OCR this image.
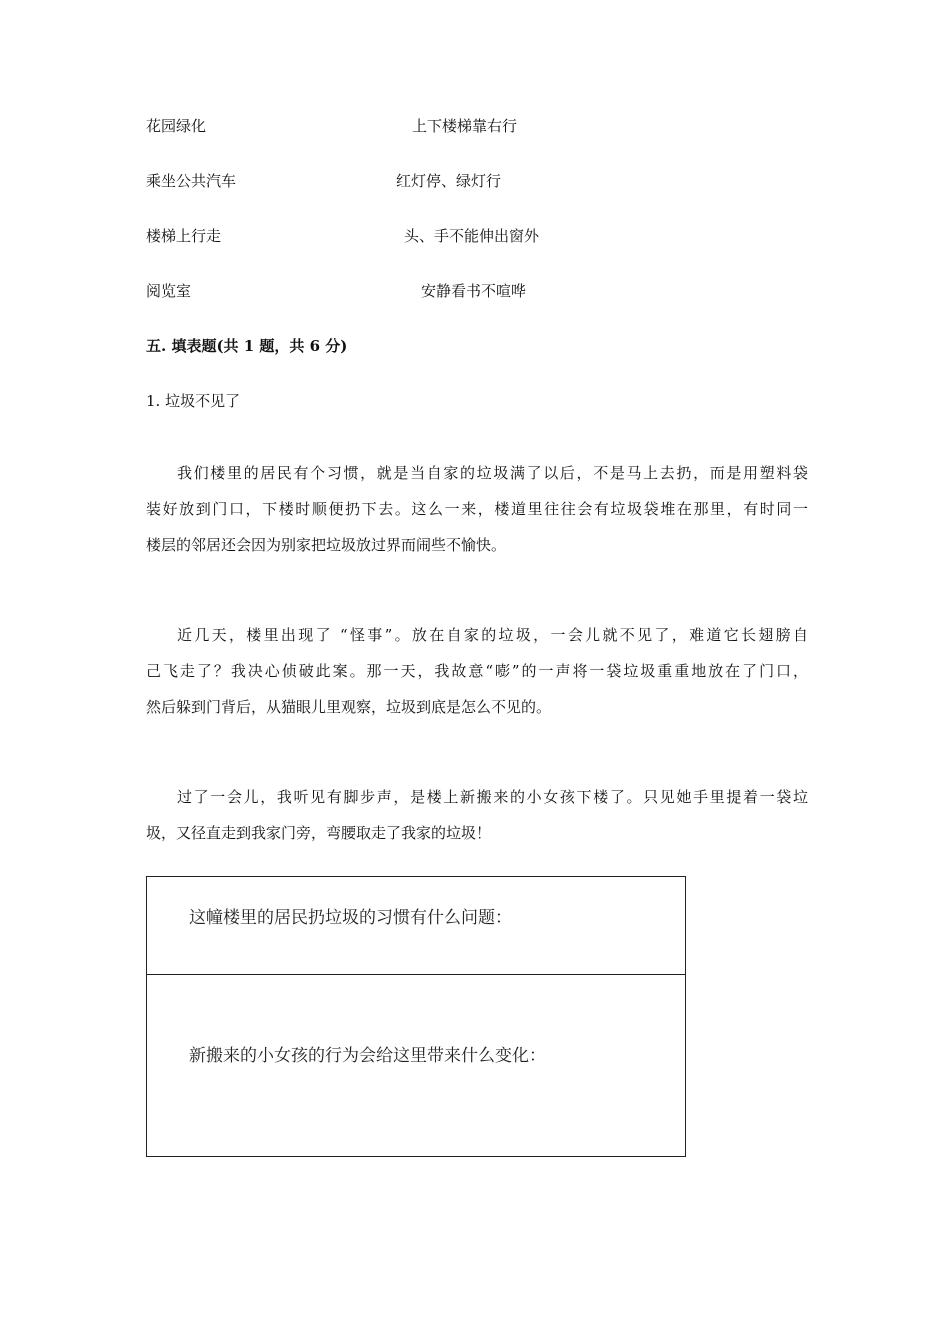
花园绿化	上下楼梯靠右行
乘坐公共汽车	红灯停、绿灯行
楼梯上行走	头、手不能伸出窗外
阅览室	安静看书不喧哗
五. 填表题(共 1 题，共 6 分)
1. 垃圾不见了
我们楼里的居民有个习惯，就是当自家的垃圾满了以后，不是马上去扔，而是用塑料袋
装好放到门口，下楼时顺便扔下去。这么一来，楼道里往往会有垃圾袋堆在那里，有时同一
楼层的邻居还会因为别家把垃圾放过界而闹些不愉快。
近几天，楼里出现了 “怪事”。放在自家的垃圾，一会儿就不见了，难道它长翅膀自
己飞走了？我决心侦破此案。那一天，我故意“嘭”的一声将一袋垃圾重重地放在了门口，
然后躲到门背后，从猫眼儿里观察，垃圾到底是怎么不见的。
过了一会儿，我听见有脚步声，是楼上新搬来的小女孩下楼了。只见她手里提着一袋垃
圾，又径直走到我家门旁，弯腰取走了我家的垃圾！
这幢楼里的居民扔垃圾的习惯有什么问题：
新搬来的小女孩的行为会给这里带来什么变化：
